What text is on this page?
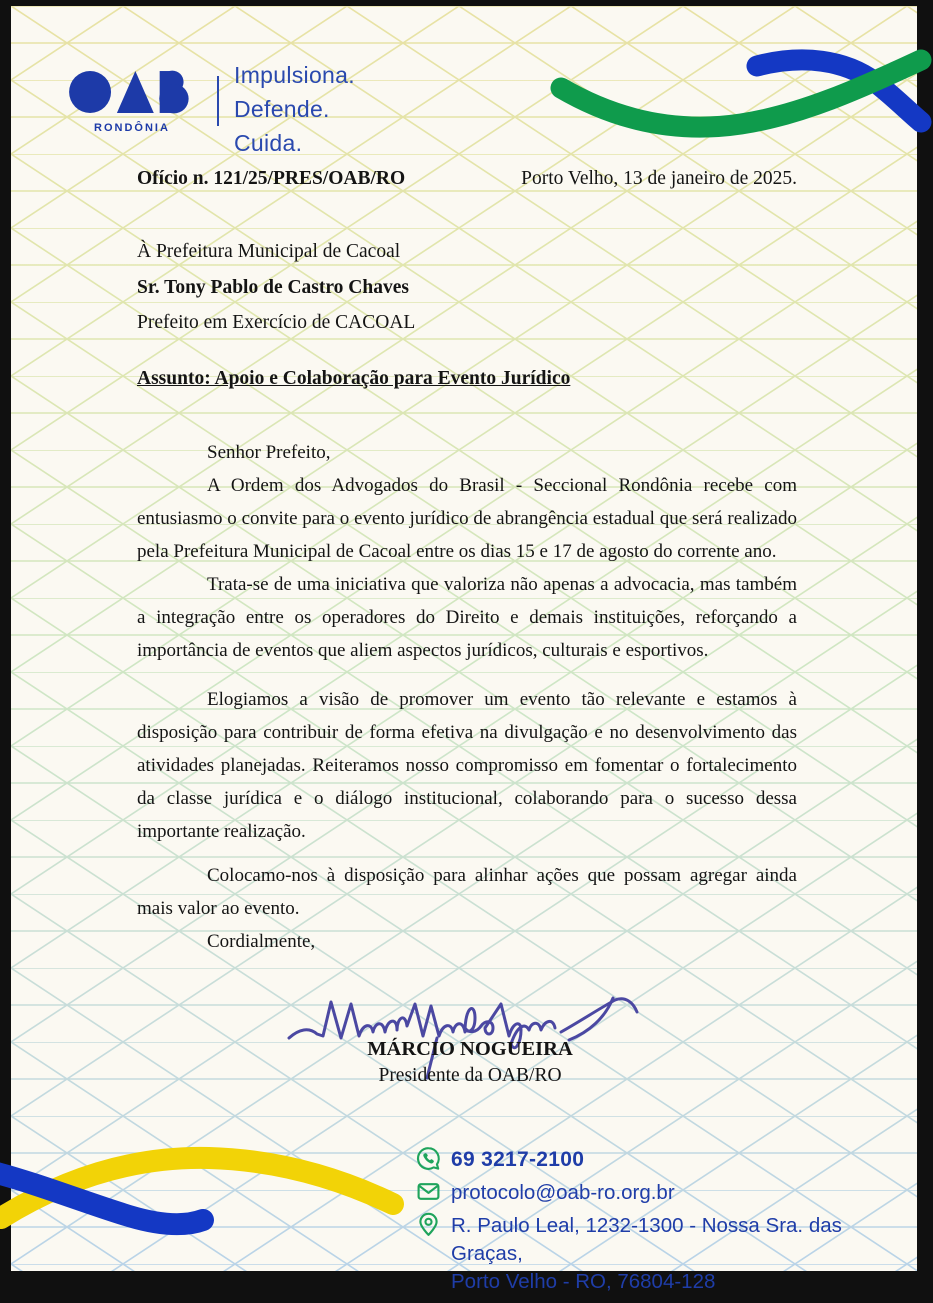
RONDÔNIA
Impulsiona.
Defende.
Cuida.
Ofício n. 121/25/PRES/OAB/RO	Porto Velho, 13 de janeiro de 2025.
À Prefeitura Municipal de Cacoal
Sr. Tony Pablo de Castro Chaves
Prefeito em Exercício de CACOAL
Assunto: Apoio e Colaboração para Evento Jurídico

Senhor Prefeito,

A Ordem dos Advogados do Brasil - Seccional Rondônia recebe com entusiasmo o convite para o evento jurídico de abrangência estadual que será realizado pela Prefeitura Municipal de Cacoal entre os dias 15 e 17 de agosto do corrente ano.

Trata-se de uma iniciativa que valoriza não apenas a advocacia, mas também a integração entre os operadores do Direito e demais instituições, reforçando a importância de eventos que aliem aspectos jurídicos, culturais e esportivos.

Elogiamos a visão de promover um evento tão relevante e estamos à disposição para contribuir de forma efetiva na divulgação e no desenvolvimento das atividades planejadas. Reiteramos nosso compromisso em fomentar o fortalecimento da classe jurídica e o diálogo institucional, colaborando para o sucesso dessa importante realização.

Colocamo-nos à disposição para alinhar ações que possam agregar ainda mais valor ao evento.

Cordialmente,

MÁRCIO NOGUEIRA
Presidente da OAB/RO
69 3217-2100
protocolo@oab-ro.org.br
R. Paulo Leal, 1232-1300 - Nossa Sra. das Graças,
Porto Velho - RO, 76804-128
